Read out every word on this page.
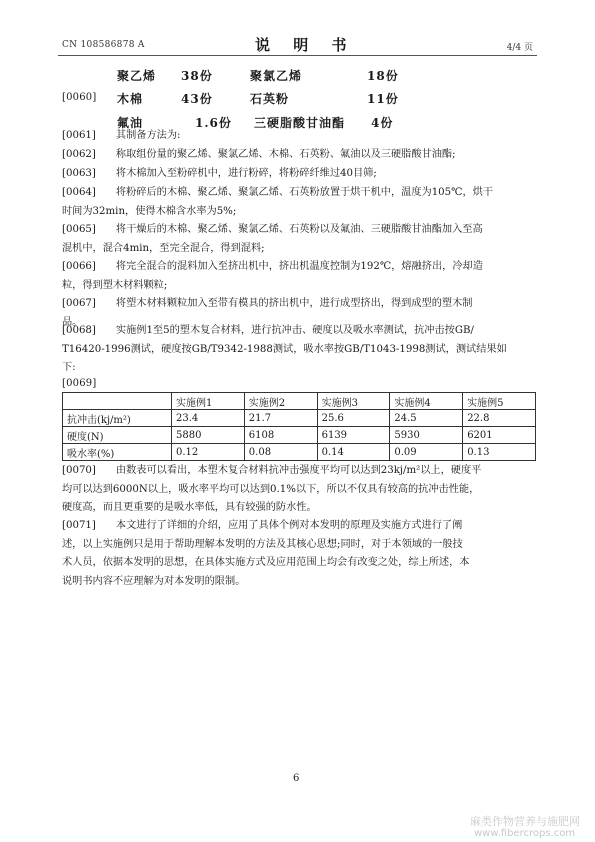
CN 108586878 A	说 明 书	4/4 页
聚乙烯 38份	聚氯乙烯	18份
[0060] 木棉	43份	石英粉	11份
氟油	1.6份 三硬脂酸甘油酯 4份
[0061] 其制备方法为:
[0062] 称取组份量的聚乙烯、聚氯乙烯、木棉、石英粉、氟油以及三硬脂酸甘油酯;
[0063] 将木棉加入至粉碎机中，进行粉碎，将粉碎纤维过40目筛;
[0064] 将粉碎后的木棉、聚乙烯、聚氯乙烯、石英粉放置于烘干机中，温度为105℃，烘干
时间为32min，使得木棉含水率为5%;
[0065] 将干燥后的木棉、聚乙烯、聚氯乙烯、石英粉以及氟油、三硬脂酸甘油酯加入至高
混机中，混合4min，至完全混合，得到混料;
[0066] 将完全混合的混料加入至挤出机中，挤出机温度控制为192℃，熔融挤出，冷却造
粒，得到塑木材料颗粒;
[0067] 将塑木材料颗粒加入至带有模具的挤出机中，进行成型挤出，得到成型的塑木制
品。
[0068] 实施例1至5的塑木复合材料，进行抗冲击、硬度以及吸水率测试，抗冲击按GB/
T16420-1996测试，硬度按GB/T9342-1988测试，吸水率按GB/T1043-1998测试，测试结果如
下:
[0069]
	实施例1	实施例2	实施例3	实施例4	实施例5
抗冲击(kj/m²)	23.4	21.7	25.6	24.5	22.8
硬度(N)	5880	6108	6139	5930	6201
吸水率(%)	0.12	0.08	0.14	0.09	0.13
[0070] 由数表可以看出，本塑木复合材料抗冲击强度平均可以达到23kj/m²以上，硬度平
均可以达到6000N以上，吸水率平均可以达到0.1%以下，所以不仅具有较高的抗冲击性能，
硬度高，而且更重要的是吸水率低，具有较强的防水性。
[0071] 本文进行了详细的介绍，应用了具体个例对本发明的原理及实施方式进行了阐
述，以上实施例只是用于帮助理解本发明的方法及其核心思想;同时，对于本领域的一般技
术人员，依据本发明的思想，在具体实施方式及应用范围上均会有改变之处，综上所述，本
说明书内容不应理解为对本发明的限制。
6
麻类作物营养与施肥网
www.fibercrops.com
